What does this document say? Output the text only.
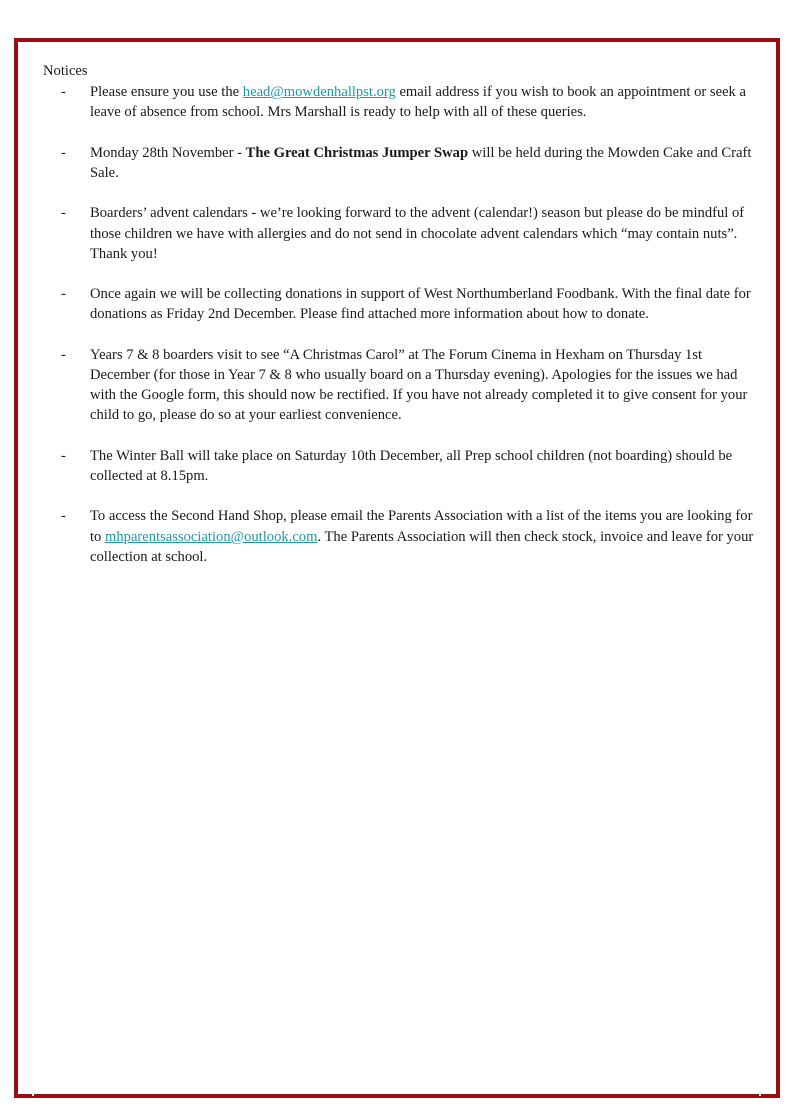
Notices
- Please ensure you use the head@mowdenhallpst.org email address if you wish to book an appointment or seek a leave of absence from school. Mrs Marshall is ready to help with all of these queries.
- Monday 28th November - The Great Christmas Jumper Swap will be held during the Mowden Cake and Craft Sale.
- Boarders’ advent calendars - we’re looking forward to the advent (calendar!) season but please do be mindful of those children we have with allergies and do not send in chocolate advent calendars which “may contain nuts”. Thank you!
- Once again we will be collecting donations in support of West Northumberland Foodbank. With the final date for donations as Friday 2nd December. Please find attached more information about how to donate.
- Years 7 & 8 boarders visit to see “A Christmas Carol” at The Forum Cinema in Hexham on Thursday 1st December (for those in Year 7 & 8 who usually board on a Thursday evening). Apologies for the issues we had with the Google form, this should now be rectified. If you have not already completed it to give consent for your child to go, please do so at your earliest convenience.
- The Winter Ball will take place on Saturday 10th December, all Prep school children (not boarding) should be collected at 8.15pm.
- To access the Second Hand Shop, please email the Parents Association with a list of the items you are looking for to mhparentsassociation@outlook.com. The Parents Association will then check stock, invoice and leave for your collection at school.
